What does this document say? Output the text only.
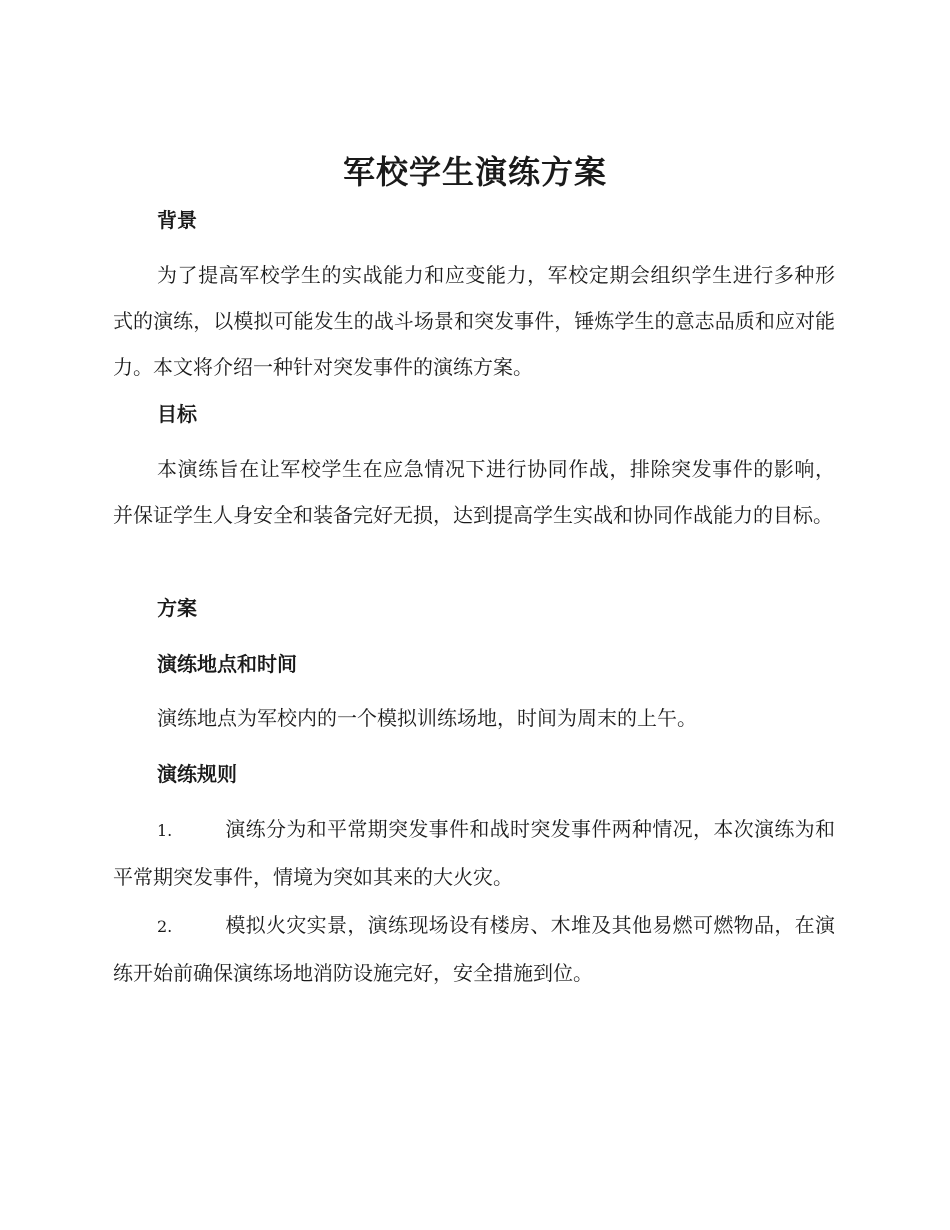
军校学生演练方案
背景

为了提高军校学生的实战能力和应变能力，军校定期会组织学生进行多种形式的演练，以模拟可能发生的战斗场景和突发事件，锤炼学生的意志品质和应对能力。本文将介绍一种针对突发事件的演练方案。

目标

本演练旨在让军校学生在应急情况下进行协同作战，排除突发事件的影响，并保证学生人身安全和装备完好无损，达到提高学生实战和协同作战能力的目标。

方案
演练地点和时间
演练地点为军校内的一个模拟训练场地，时间为周末的上午。
演练规则

1.	演练分为和平常期突发事件和战时突发事件两种情况，本次演练为和平常期突发事件，情境为突如其来的大火灾。

2.	模拟火灾实景，演练现场设有楼房、木堆及其他易燃可燃物品，在演练开始前确保演练场地消防设施完好，安全措施到位。
